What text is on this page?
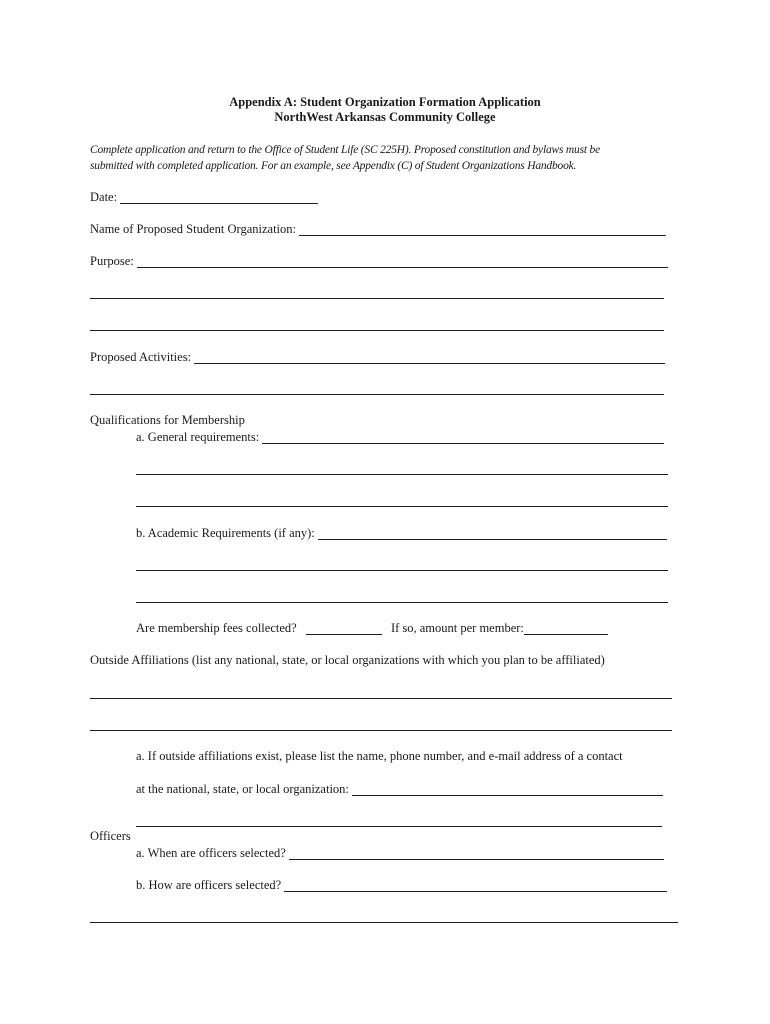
Appendix A: Student Organization Formation Application
NorthWest Arkansas Community College
Complete application and return to the Office of Student Life (SC 225H). Proposed constitution and bylaws must be
submitted with completed application. For an example, see Appendix (C) of Student Organizations Handbook.
Date:
Name of Proposed Student Organization:
Purpose:
Proposed Activities:
Qualifications for Membership
a. General requirements:
b. Academic Requirements (if any):
Are membership fees collected?	If so, amount per member:
Outside Affiliations (list any national, state, or local organizations with which you plan to be affiliated)
a. If outside affiliations exist, please list the name, phone number, and e-mail address of a contact
at the national, state, or local organization:
Officers
a. When are officers selected?
b. How are officers selected?
